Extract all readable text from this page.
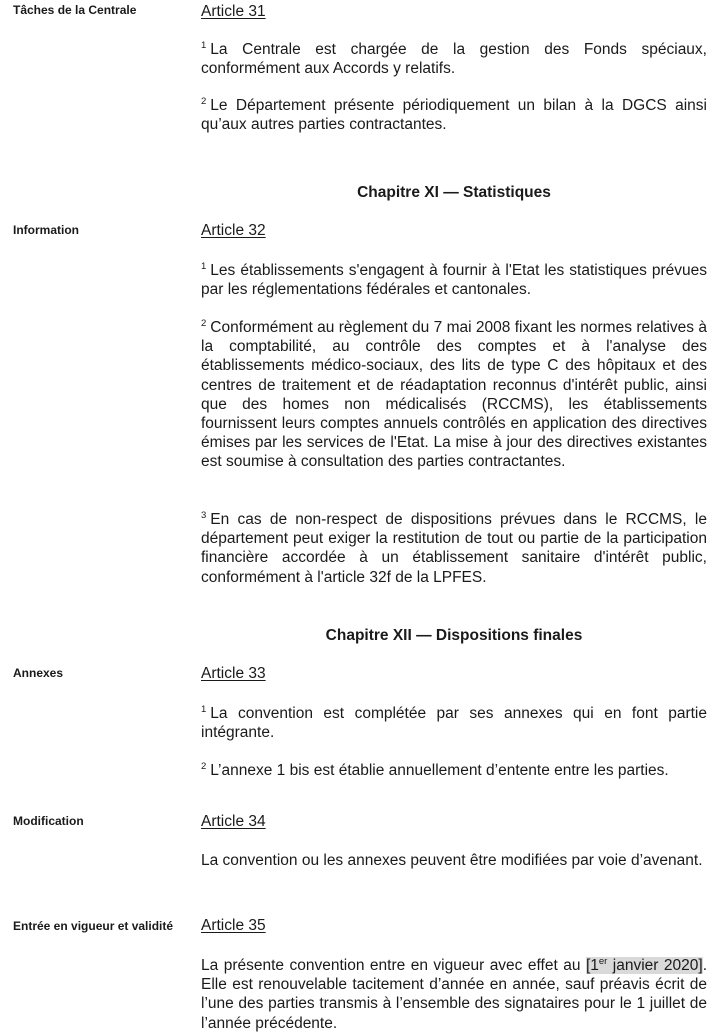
Tâches de la Centrale	Article 31
$^1$ La Centrale est chargée de la gestion des Fonds spéciaux, conformément aux Accords y relatifs.
$^2$ Le Département présente périodiquement un bilan à la DGCS ainsi qu’aux autres parties contractantes.
Chapitre XI — Statistiques
Information	Article 32
$^1$ Les établissements s'engagent à fournir à l'Etat les statistiques prévues par les réglementations fédérales et cantonales.
$^2$ Conformément au règlement du 7 mai 2008 fixant les normes relatives à la comptabilité, au contrôle des comptes et à l'analyse des établissements médico-sociaux, des lits de type C des hôpitaux et des centres de traitement et de réadaptation reconnus d'intérêt public, ainsi que des homes non médicalisés (RCCMS), les établissements fournissent leurs comptes annuels contrôlés en application des directives émises par les services de l'Etat. La mise à jour des directives existantes est soumise à consultation des parties contractantes.
$^3$ En cas de non-respect de dispositions prévues dans le RCCMS, le département peut exiger la restitution de tout ou partie de la participation financière accordée à un établissement sanitaire d'intérêt public, conformément à l'article 32f de la LPFES.
Chapitre XII — Dispositions finales
Annexes	Article 33
$^1$ La convention est complétée par ses annexes qui en font partie intégrante.
$^2$ L’annexe 1 bis est établie annuellement d’entente entre les parties.
Modification	Article 34
La convention ou les annexes peuvent être modifiées par voie d’avenant.
Entrée en vigueur et validité	Article 35
La présente convention entre en vigueur avec effet au [1er janvier 2020]. Elle est renouvelable tacitement d’année en année, sauf préavis écrit de l’une des parties transmis à l’ensemble des signataires pour le 1 juillet de l’année précédente.
